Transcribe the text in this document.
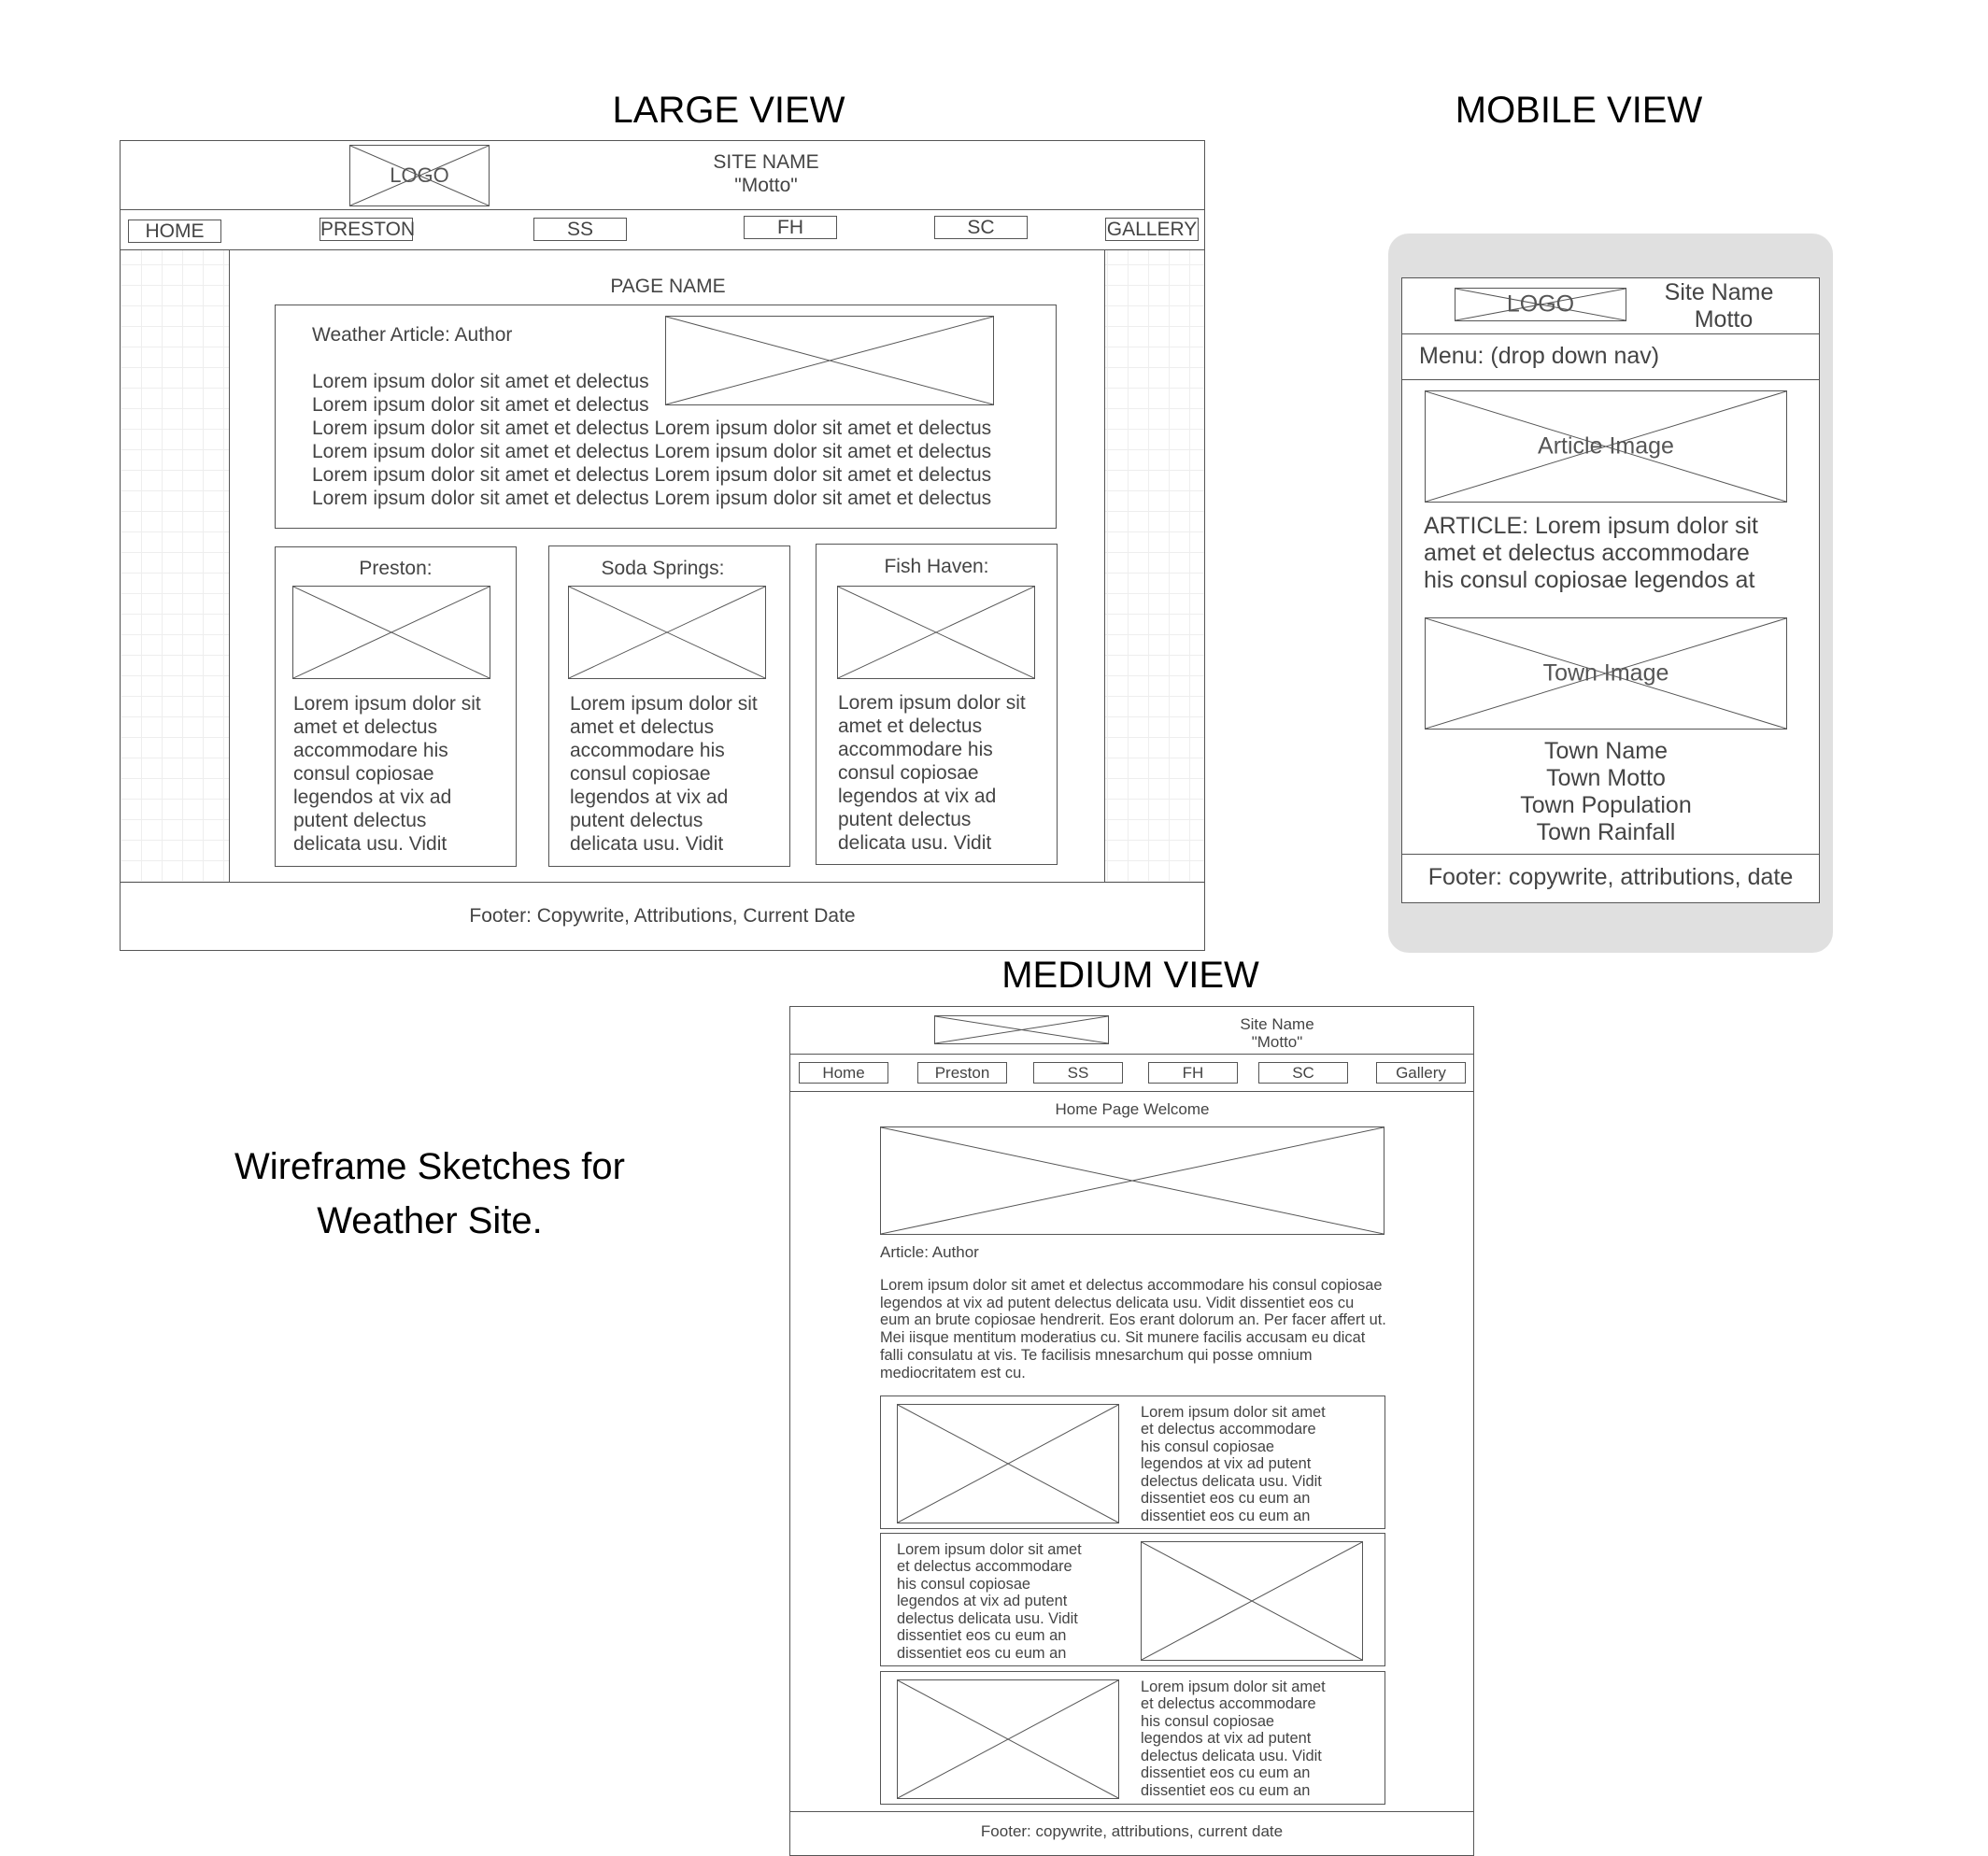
LARGE VIEW	MOBILE VIEW
MEDIUM VIEW
Wireframe Sketches for
Weather Site.
LOGO
SITE NAME
"Motto"
HOME	PRESTON	SS	FH	SC	GALLERY
PAGE NAME
Weather Article: Author
Lorem ipsum dolor sit amet et delectus
Lorem ipsum dolor sit amet et delectus
Lorem ipsum dolor sit amet et delectus Lorem ipsum dolor sit amet et delectus
Lorem ipsum dolor sit amet et delectus Lorem ipsum dolor sit amet et delectus
Lorem ipsum dolor sit amet et delectus Lorem ipsum dolor sit amet et delectus
Lorem ipsum dolor sit amet et delectus Lorem ipsum dolor sit amet et delectus
Preston:
Lorem ipsum dolor sit
amet et delectus
accommodare his
consul copiosae
legendos at vix ad
putent delectus
delicata usu. Vidit
Soda Springs:
Lorem ipsum dolor sit
amet et delectus
accommodare his
consul copiosae
legendos at vix ad
putent delectus
delicata usu. Vidit
Fish Haven:
Lorem ipsum dolor sit
amet et delectus
accommodare his
consul copiosae
legendos at vix ad
putent delectus
delicata usu. Vidit
Footer: Copywrite, Attributions, Current Date
LOGO	Site Name
Motto
Menu: (drop down nav)
Article Image
ARTICLE: Lorem ipsum dolor sit
amet et delectus accommodare
his consul copiosae legendos at
Town Image
Town Name
Town Motto
Town Population
Town Rainfall
Footer: copywrite, attributions, date
Site Name
"Motto"
Home	Preston	SS	FH	SC	Gallery
Home Page Welcome
Article: Author
Lorem ipsum dolor sit amet et delectus accommodare his consul copiosae legendos at vix ad putent delectus delicata usu. Vidit dissentiet eos cu eum an brute copiosae hendrerit. Eos erant dolorum an. Per facer affert ut. Mei iisque mentitum moderatius cu. Sit munere facilis accusam eu dicat falli consulatu at vis. Te facilisis mnesarchum qui posse omnium mediocritatem est cu.
Lorem ipsum dolor sit amet
et delectus accommodare
his consul copiosae
legendos at vix ad putent
delectus delicata usu. Vidit
dissentiet eos cu eum an
dissentiet eos cu eum an
Lorem ipsum dolor sit amet
et delectus accommodare
his consul copiosae
legendos at vix ad putent
delectus delicata usu. Vidit
dissentiet eos cu eum an
dissentiet eos cu eum an
Lorem ipsum dolor sit amet
et delectus accommodare
his consul copiosae
legendos at vix ad putent
delectus delicata usu. Vidit
dissentiet eos cu eum an
dissentiet eos cu eum an
Footer: copywrite, attributions, current date
